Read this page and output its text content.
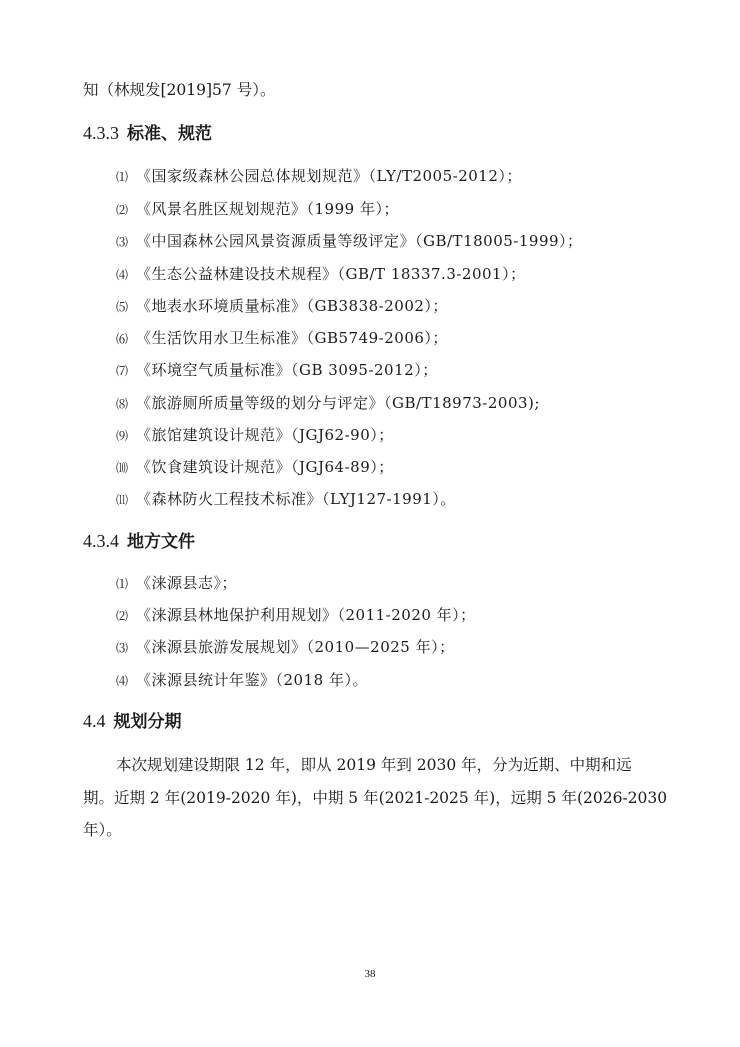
知（林规发[2019]57 号）。
4.3.3 标准、规范
⑴ 《国家级森林公园总体规划规范》（LY/T2005-2012）；
⑵ 《风景名胜区规划规范》（1999 年）；
⑶ 《中国森林公园风景资源质量等级评定》（GB/T18005-1999）；
⑷ 《生态公益林建设技术规程》（GB/T 18337.3-2001）；
⑸ 《地表水环境质量标准》（GB3838-2002）；
⑹ 《生活饮用水卫生标准》（GB5749-2006）；
⑺ 《环境空气质量标准》（GB 3095-2012）；
⑻ 《旅游厕所质量等级的划分与评定》（GB/T18973-2003);
⑼ 《旅馆建筑设计规范》（JGJ62-90）；
⑽ 《饮食建筑设计规范》（JGJ64-89）；
⑾ 《森林防火工程技术标准》（LYJ127-1991）。
4.3.4 地方文件
⑴ 《涞源县志》；
⑵ 《涞源县林地保护利用规划》（2011-2020 年）；
⑶ 《涞源县旅游发展规划》（2010—2025 年）；
⑷ 《涞源县统计年鉴》（2018 年）。
4.4 规划分期
本次规划建设期限 12 年，即从 2019 年到 2030 年，分为近期、中期和远
期。近期 2 年(2019-2020 年)，中期 5 年(2021-2025 年)，远期 5 年(2026-2030
年）。
38
